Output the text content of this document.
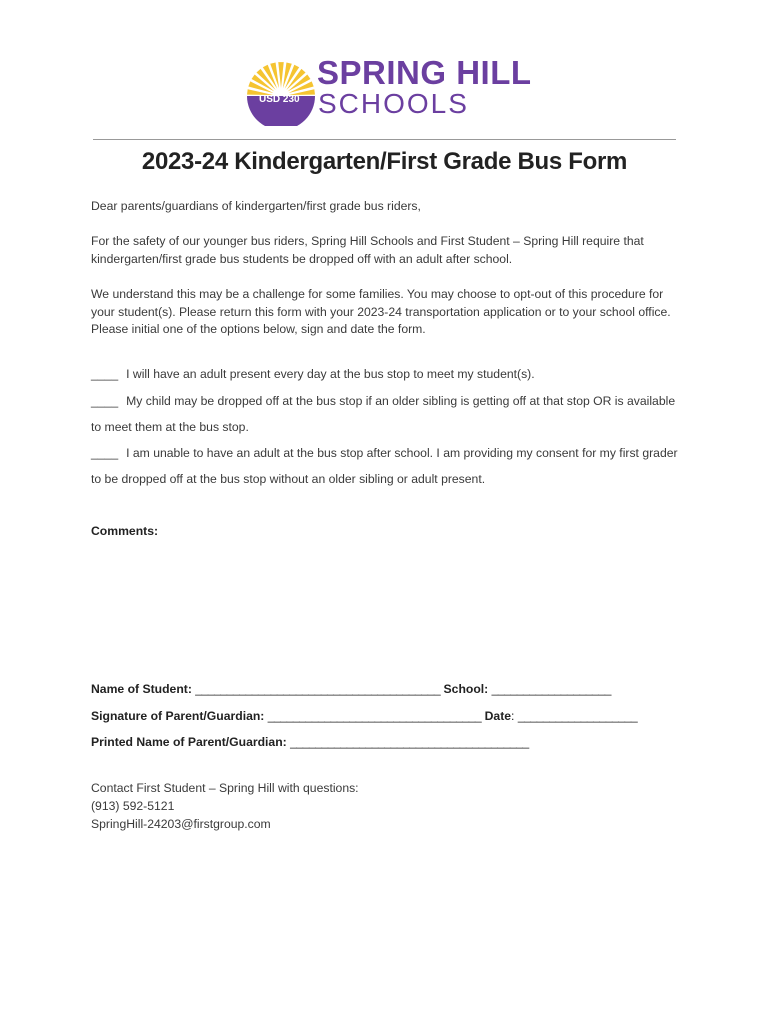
USD 230
SPRING HILL
SCHOOLS
2023-24 Kindergarten/First Grade Bus Form
Dear parents/guardians of kindergarten/first grade bus riders,
For the safety of our younger bus riders, Spring Hill Schools and First Student – Spring Hill require that kindergarten/first grade bus students be dropped off with an adult after school.
We understand this may be a challenge for some families. You may choose to opt-out of this procedure for your student(s). Please return this form with your 2023-24 transportation application or to your school office. Please initial one of the options below, sign and date the form.
____ I will have an adult present every day at the bus stop to meet my student(s).
____ My child may be dropped off at the bus stop if an older sibling is getting off at that stop OR is available to meet them at the bus stop.
____ I am unable to have an adult at the bus stop after school. I am providing my consent for my first grader to be dropped off at the bus stop without an older sibling or adult present.
Comments:
Name of Student: _______________________________________ School: ___________________
Signature of Parent/Guardian: __________________________________ Date: ___________________
Printed Name of Parent/Guardian: ______________________________________
Contact First Student – Spring Hill with questions:
(913) 592-5121
SpringHill-24203@firstgroup.com
